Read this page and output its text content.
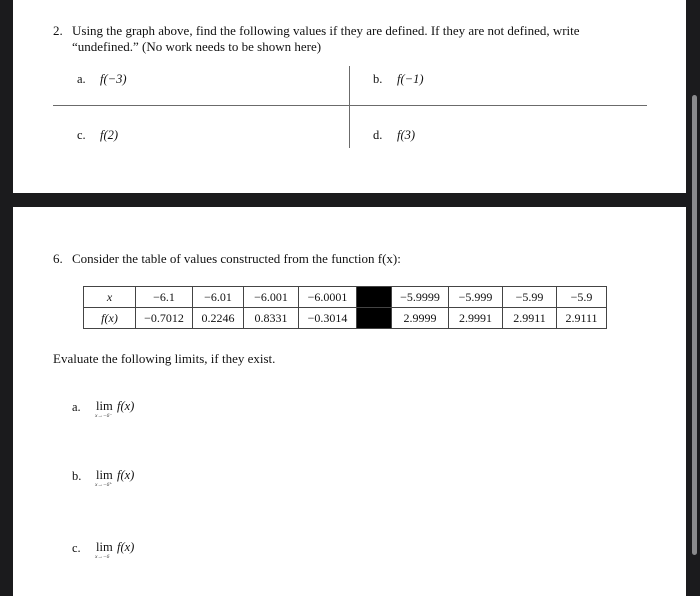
2. Using the graph above, find the following values if they are defined. If they are not defined, write
“undefined.” (No work needs to be shown here)
a. f(−3)	b. f(−1)
c. f(2)	d. f(3)
6. Consider the table of values constructed from the function f(x):
x	−6.1	−6.01	−6.001	−6.0001		−5.9999	−5.999	−5.99	−5.9
f(x)	−0.7012	0.2246	0.8331	−0.3014		2.9999	2.9991	2.9911	2.9111
Evaluate the following limits, if they exist.
a. lim
x→−6⁻
f(x)
b. lim
x→−6⁺
f(x)
c. lim
x→−6
f(x)
